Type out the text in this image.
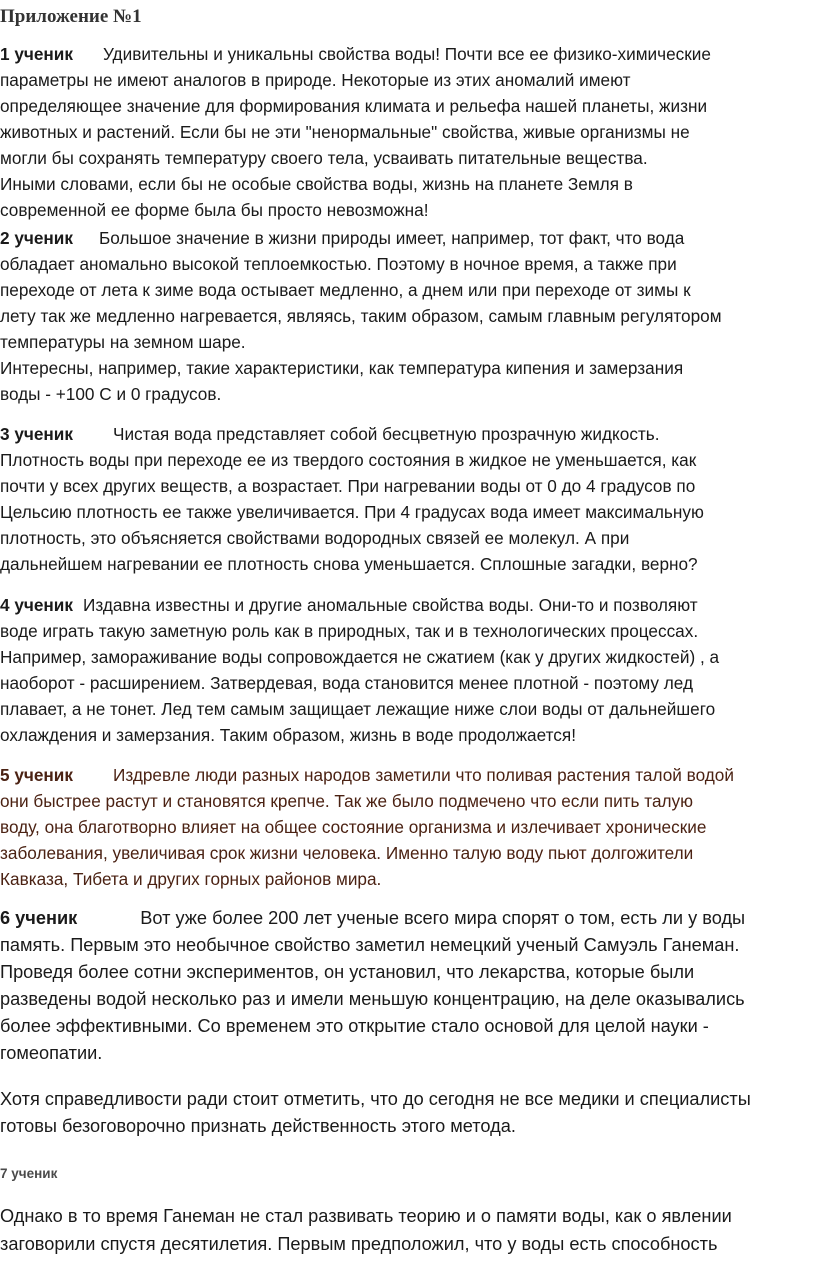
Приложение №1
1 ученик Удивительны и уникальны свойства воды! Почти все ее физико-химические
параметры не имеют аналогов в природе. Некоторые из этих аномалий имеют
определяющее значение для формирования климата и рельефа нашей планеты, жизни
животных и растений. Если бы не эти "ненормальные" свойства, живые организмы не
могли бы сохранять температуру своего тела, усваивать питательные вещества.
Иными словами, если бы не особые свойства воды, жизнь на планете Земля в
современной ее форме была бы просто невозможна!
2 ученик Большое значение в жизни природы имеет, например, тот факт, что вода
обладает аномально высокой теплоемкостью. Поэтому в ночное время, а также при
переходе от лета к зиме вода остывает медленно, а днем или при переходе от зимы к
лету так же медленно нагревается, являясь, таким образом, самым главным регулятором
температуры на земном шаре.
Интересны, например, такие характеристики, как температура кипения и замерзания
воды - +100 С и 0 градусов.
3 ученик Чистая вода представляет собой бесцветную прозрачную жидкость.
Плотность воды при переходе ее из твердого состояния в жидкое не уменьшается, как
почти у всех других веществ, а возрастает. При нагревании воды от 0 до 4 градусов по
Цельсию плотность ее также увеличивается. При 4 градусах вода имеет максимальную
плотность, это объясняется свойствами водородных связей ее молекул. А при
дальнейшем нагревании ее плотность снова уменьшается. Сплошные загадки, верно?
4 ученик Издавна известны и другие аномальные свойства воды. Они-то и позволяют
воде играть такую заметную роль как в природных, так и в технологических процессах.
Например, замораживание воды сопровождается не сжатием (как у других жидкостей) , а
наоборот - расширением. Затвердевая, вода становится менее плотной - поэтому лед
плавает, а не тонет. Лед тем самым защищает лежащие ниже слои воды от дальнейшего
охлаждения и замерзания. Таким образом, жизнь в воде продолжается!
5 ученик Издревле люди разных народов заметили что поливая растения талой водой
они быстрее растут и становятся крепче. Так же было подмечено что если пить талую
воду, она благотворно влияет на общее состояние организма и излечивает хронические
заболевания, увеличивая срок жизни человека. Именно талую воду пьют долгожители
Кавказа, Тибета и других горных районов мира.
6 ученик	Вот уже более 200 лет ученые всего мира спорят о том, есть ли у воды
память. Первым это необычное свойство заметил немецкий ученый Самуэль Ганеман.
Проведя более сотни экспериментов, он установил, что лекарства, которые были
разведены водой несколько раз и имели меньшую концентрацию, на деле оказывались
более эффективными. Со временем это открытие стало основой для целой науки -
гомеопатии.
Хотя справедливости ради стоит отметить, что до сегодня не все медики и специалисты
готовы безоговорочно признать действенность этого метода.
7 ученик
Однако в то время Ганеман не стал развивать теорию и о памяти воды, как о явлении
заговорили спустя десятилетия. Первым предположил, что у воды есть способность
